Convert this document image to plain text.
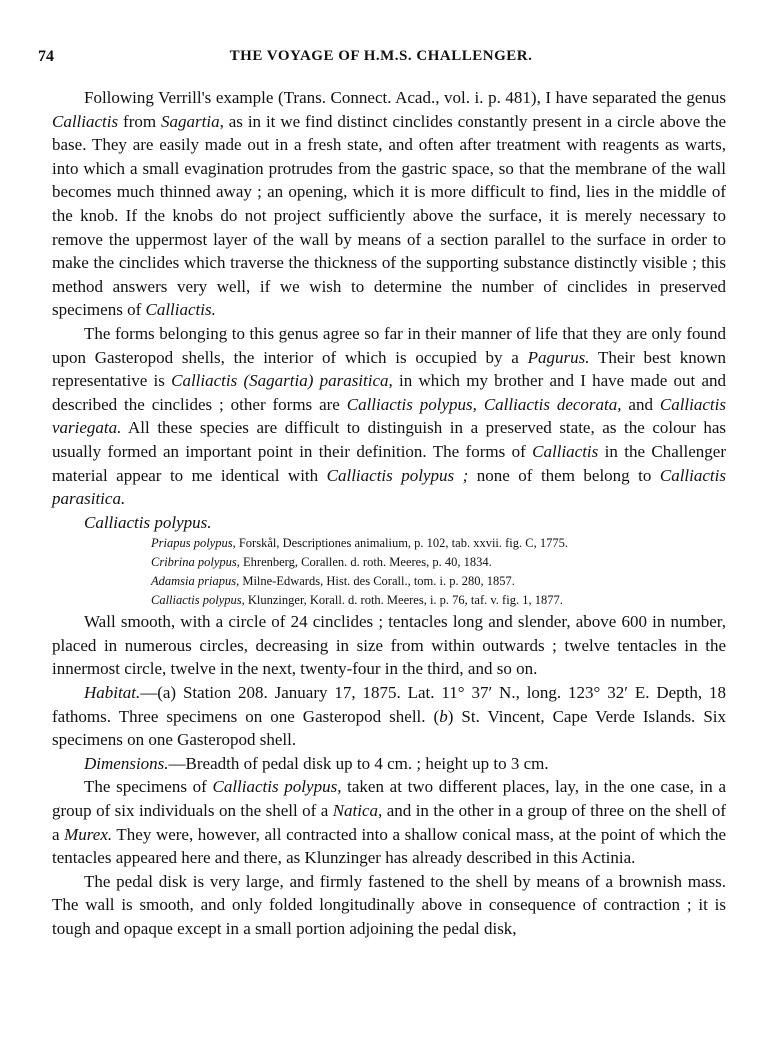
74	THE VOYAGE OF H.M.S. CHALLENGER.

Following Verrill's example (Trans. Connect. Acad., vol. i. p. 481), I have separated the genus Calliactis from Sagartia, as in it we find distinct cinclides constantly present in a circle above the base. They are easily made out in a fresh state, and often after treatment with reagents as warts, into which a small evagination protrudes from the gastric space, so that the membrane of the wall becomes much thinned away ; an opening, which it is more difficult to find, lies in the middle of the knob. If the knobs do not project sufficiently above the surface, it is merely necessary to remove the uppermost layer of the wall by means of a section parallel to the surface in order to make the cinclides which traverse the thickness of the supporting substance distinctly visible ; this method answers very well, if we wish to determine the number of cinclides in preserved specimens of Calliactis.

The forms belonging to this genus agree so far in their manner of life that they are only found upon Gasteropod shells, the interior of which is occupied by a Pagurus. Their best known representative is Calliactis (Sagartia) parasitica, in which my brother and I have made out and described the cinclides ; other forms are Calliactis polypus, Calliactis decorata, and Calliactis variegata. All these species are difficult to distinguish in a preserved state, as the colour has usually formed an important point in their definition. The forms of Calliactis in the Challenger material appear to me identical with Calliactis polypus ; none of them belong to Calliactis parasitica.

Calliactis polypus.

Priapus polypus, Forskål, Descriptiones animalium, p. 102, tab. xxvii. fig. C, 1775.
Cribrina polypus, Ehrenberg, Corallen. d. roth. Meeres, p. 40, 1834.
Adamsia priapus, Milne-Edwards, Hist. des Corall., tom. i. p. 280, 1857.
Calliactis polypus, Klunzinger, Korall. d. roth. Meeres, i. p. 76, taf. v. fig. 1, 1877.

Wall smooth, with a circle of 24 cinclides ; tentacles long and slender, above 600 in number, placed in numerous circles, decreasing in size from within outwards ; twelve tentacles in the innermost circle, twelve in the next, twenty-four in the third, and so on.

Habitat.—(a) Station 208. January 17, 1875. Lat. 11° 37′ N., long. 123° 32′ E. Depth, 18 fathoms. Three specimens on one Gasteropod shell. (b) St. Vincent, Cape Verde Islands. Six specimens on one Gasteropod shell.

Dimensions.—Breadth of pedal disk up to 4 cm. ; height up to 3 cm.

The specimens of Calliactis polypus, taken at two different places, lay, in the one case, in a group of six individuals on the shell of a Natica, and in the other in a group of three on the shell of a Murex. They were, however, all contracted into a shallow conical mass, at the point of which the tentacles appeared here and there, as Klunzinger has already described in this Actinia.

The pedal disk is very large, and firmly fastened to the shell by means of a brownish mass. The wall is smooth, and only folded longitudinally above in consequence of contraction ; it is tough and opaque except in a small portion adjoining the pedal disk,
